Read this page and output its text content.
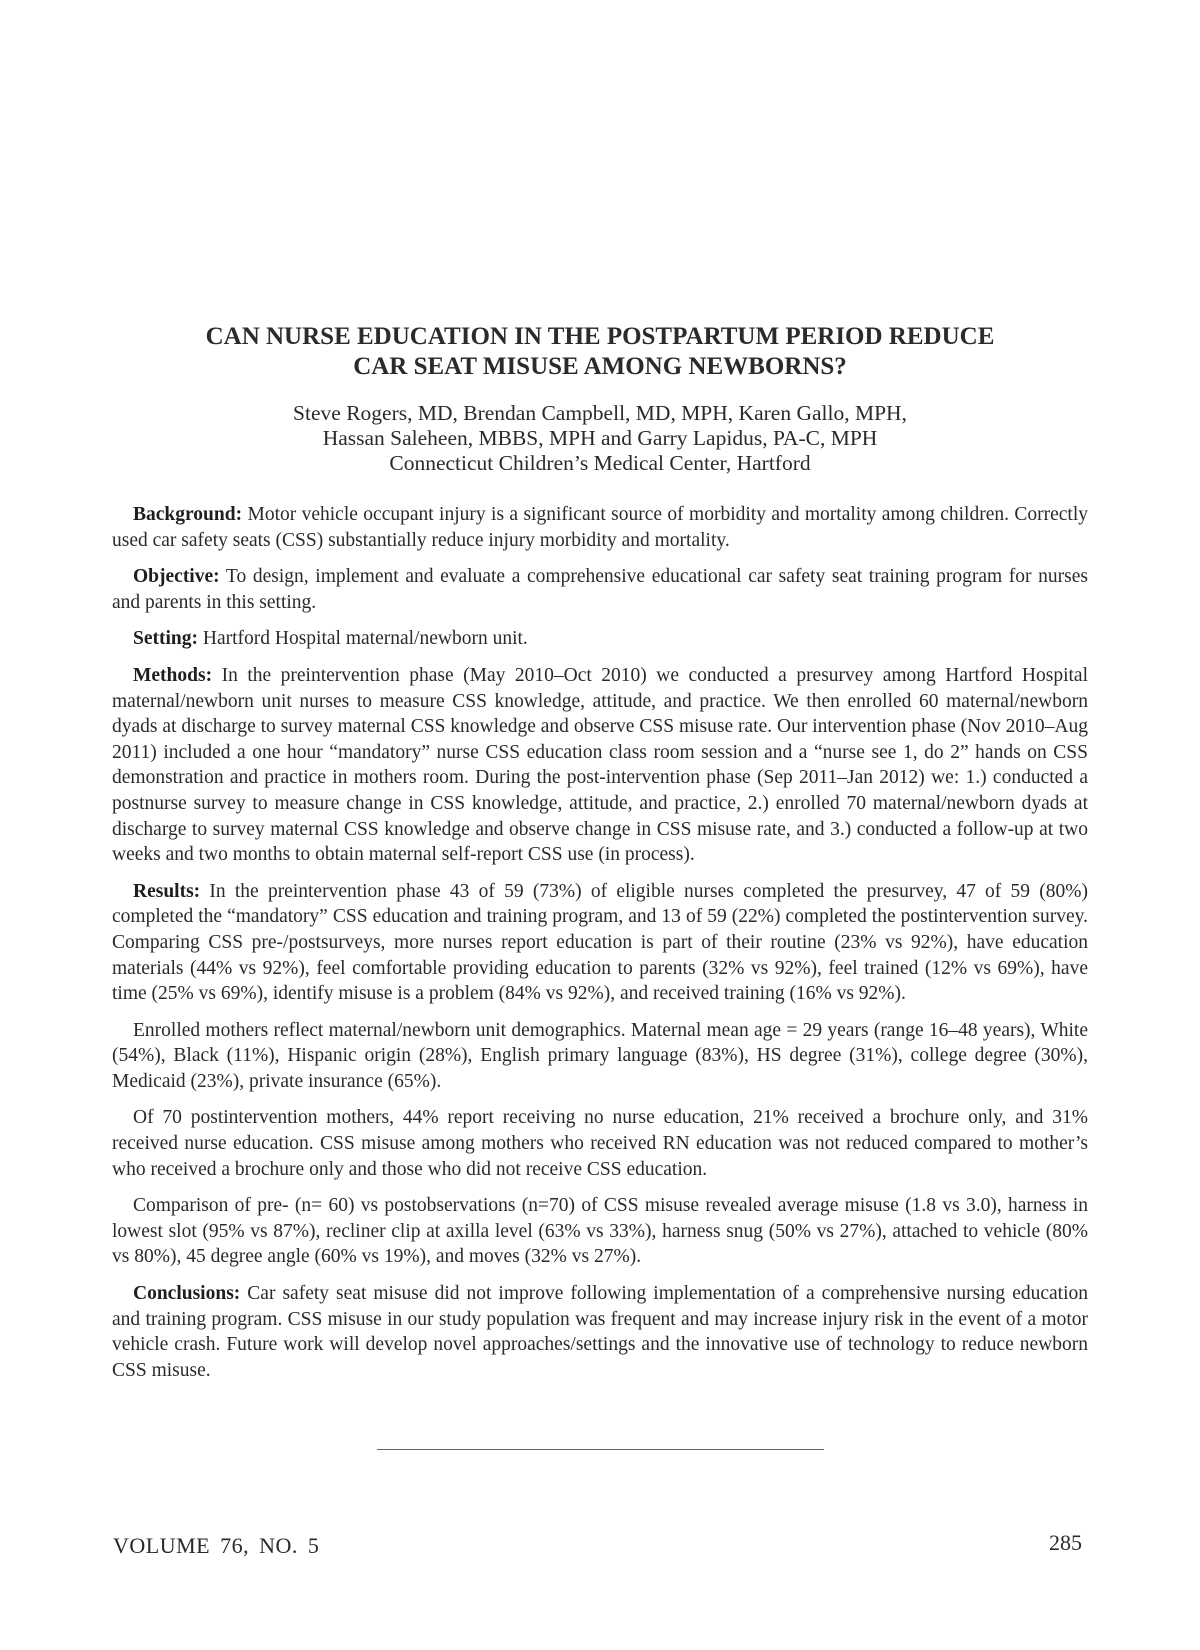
CAN NURSE EDUCATION IN THE POSTPARTUM PERIOD REDUCE
CAR SEAT MISUSE AMONG NEWBORNS?
Steve Rogers, MD, Brendan Campbell, MD, MPH, Karen Gallo, MPH,
Hassan Saleheen, MBBS, MPH and Garry Lapidus, PA-C, MPH
Connecticut Children’s Medical Center, Hartford

Background: Motor vehicle occupant injury is a significant source of morbidity and mortality among children. Correctly used car safety seats (CSS) substantially reduce injury morbidity and mortality.

Objective: To design, implement and evaluate a comprehensive educational car safety seat training program for nurses and parents in this setting.

Setting: Hartford Hospital maternal/newborn unit.

Methods: In the preintervention phase (May 2010–Oct 2010) we conducted a presurvey among Hartford Hospital maternal/newborn unit nurses to measure CSS knowledge, attitude, and practice. We then enrolled 60 maternal/newborn dyads at discharge to survey maternal CSS knowledge and observe CSS misuse rate. Our intervention phase (Nov 2010–Aug 2011) included a one hour “mandatory” nurse CSS education class room session and a “nurse see 1, do 2” hands on CSS demonstration and practice in mothers room. During the post-intervention phase (Sep 2011–Jan 2012) we: 1.) conducted a postnurse survey to measure change in CSS knowledge, attitude, and practice, 2.) enrolled 70 maternal/newborn dyads at discharge to survey maternal CSS knowledge and observe change in CSS misuse rate, and 3.) conducted a follow-up at two weeks and two months to obtain maternal self-report CSS use (in process).

Results: In the preintervention phase 43 of 59 (73%) of eligible nurses completed the presurvey, 47 of 59 (80%) completed the “mandatory” CSS education and training program, and 13 of 59 (22%) completed the postintervention survey. Comparing CSS pre-/postsurveys, more nurses report education is part of their routine (23% vs 92%), have education materials (44% vs 92%), feel comfortable providing education to parents (32% vs 92%), feel trained (12% vs 69%), have time (25% vs 69%), identify misuse is a problem (84% vs 92%), and received training (16% vs 92%).

Enrolled mothers reflect maternal/newborn unit demographics. Maternal mean age = 29 years (range 16–48 years), White (54%), Black (11%), Hispanic origin (28%), English primary language (83%), HS degree (31%), college degree (30%), Medicaid (23%), private insurance (65%).

Of 70 postintervention mothers, 44% report receiving no nurse education, 21% received a brochure only, and 31% received nurse education. CSS misuse among mothers who received RN education was not reduced compared to mother’s who received a brochure only and those who did not receive CSS education.

Comparison of pre- (n= 60) vs postobservations (n=70) of CSS misuse revealed average misuse (1.8 vs 3.0), harness in lowest slot (95% vs 87%), recliner clip at axilla level (63% vs 33%), harness snug (50% vs 27%), attached to vehicle (80% vs 80%), 45 degree angle (60% vs 19%), and moves (32% vs 27%).

Conclusions: Car safety seat misuse did not improve following implementation of a comprehensive nursing education and training program. CSS misuse in our study population was frequent and may increase injury risk in the event of a motor vehicle crash. Future work will develop novel approaches/settings and the innovative use of technology to reduce newborn CSS misuse.

VOLUME 76, NO. 5	285
